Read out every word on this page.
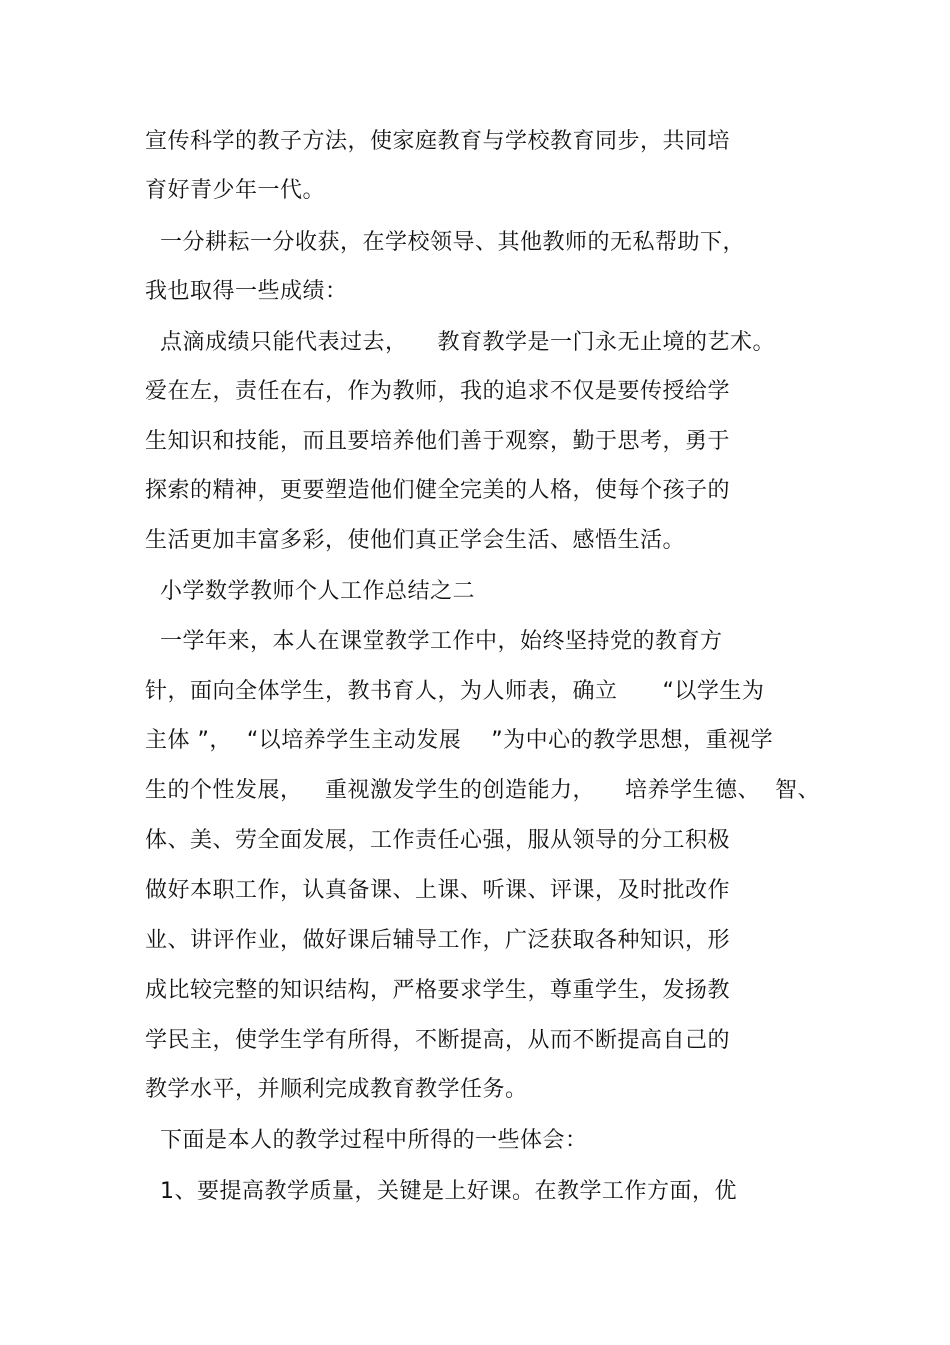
宣传科学的教子方法，使家庭教育与学校教育同步，共同培
育好青少年一代。
一分耕耘一分收获，在学校领导、其他教师的无私帮助下，
我也取得一些成绩：
点滴成绩只能代表过去，    教育教学是一门永无止境的艺术。
爱在左，责任在右，作为教师，我的追求不仅是要传授给学
生知识和技能，而且要培养他们善于观察，勤于思考，勇于
探索的精神，更要塑造他们健全完美的人格，使每个孩子的
生活更加丰富多彩，使他们真正学会生活、感悟生活。
小学数学教师个人工作总结之二
一学年来，本人在课堂教学工作中，始终坚持党的教育方
针，面向全体学生，教书育人，为人师表，确立      “以学生为
主体 ”，  “以培养学生主动发展    ”为中心的教学思想，重视学
生的个性发展，   重视激发学生的创造能力，    培养学生德、  智、
体、美、劳全面发展，工作责任心强，服从领导的分工积极
做好本职工作，认真备课、上课、听课、评课，及时批改作
业、讲评作业，做好课后辅导工作，广泛获取各种知识，形
成比较完整的知识结构，严格要求学生，尊重学生，发扬教
学民主，使学生学有所得，不断提高，从而不断提高自己的
教学水平，并顺利完成教育教学任务。
下面是本人的教学过程中所得的一些体会：
1、要提高教学质量，关键是上好课。在教学工作方面，优
